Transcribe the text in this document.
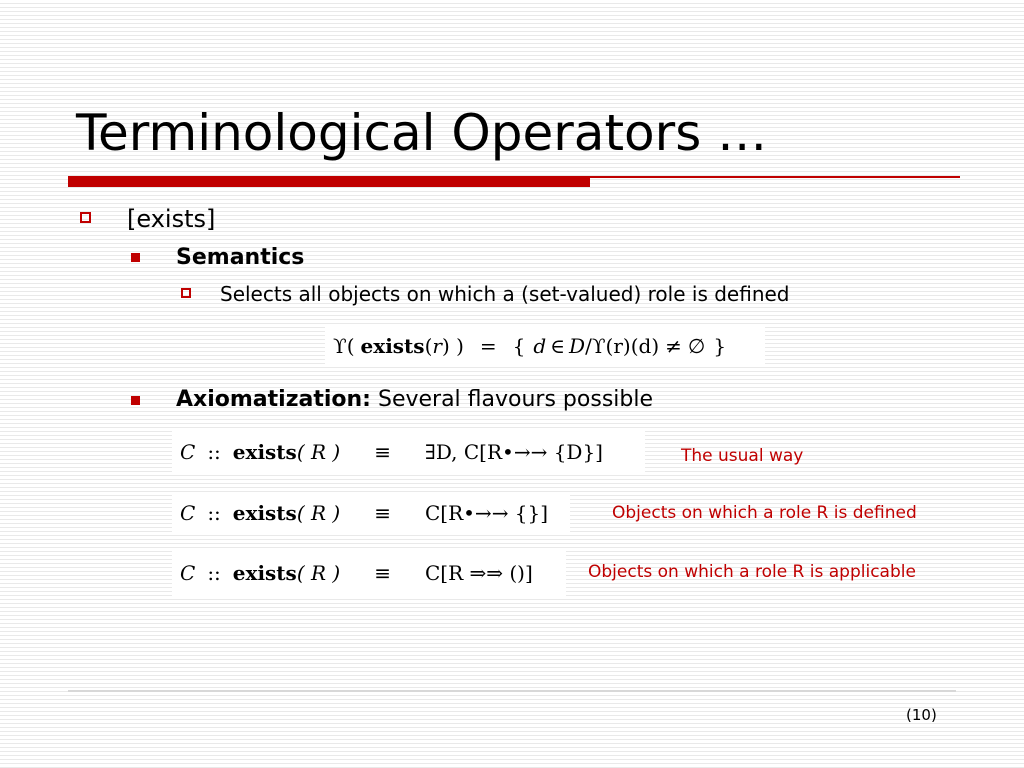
Terminological Operators …
[exists]
Semantics
Selects all objects on which a (set-valued) role is defined
ϒ ( exists ( r ) ) = { d ∈ D /ϒ (r)(d) ≠ ∅ }
Axiomatization: Several flavours possible
C :: exists ( R ) ≡ ∃D, C[R•→→ {D}]	The usual way
C :: exists ( R ) ≡ C[R•→→ {}]	Objects on which a role R is defined
C :: exists ( R ) ≡ C[R ⇒⇒ ()]	Objects on which a role R is applicable
(10)
